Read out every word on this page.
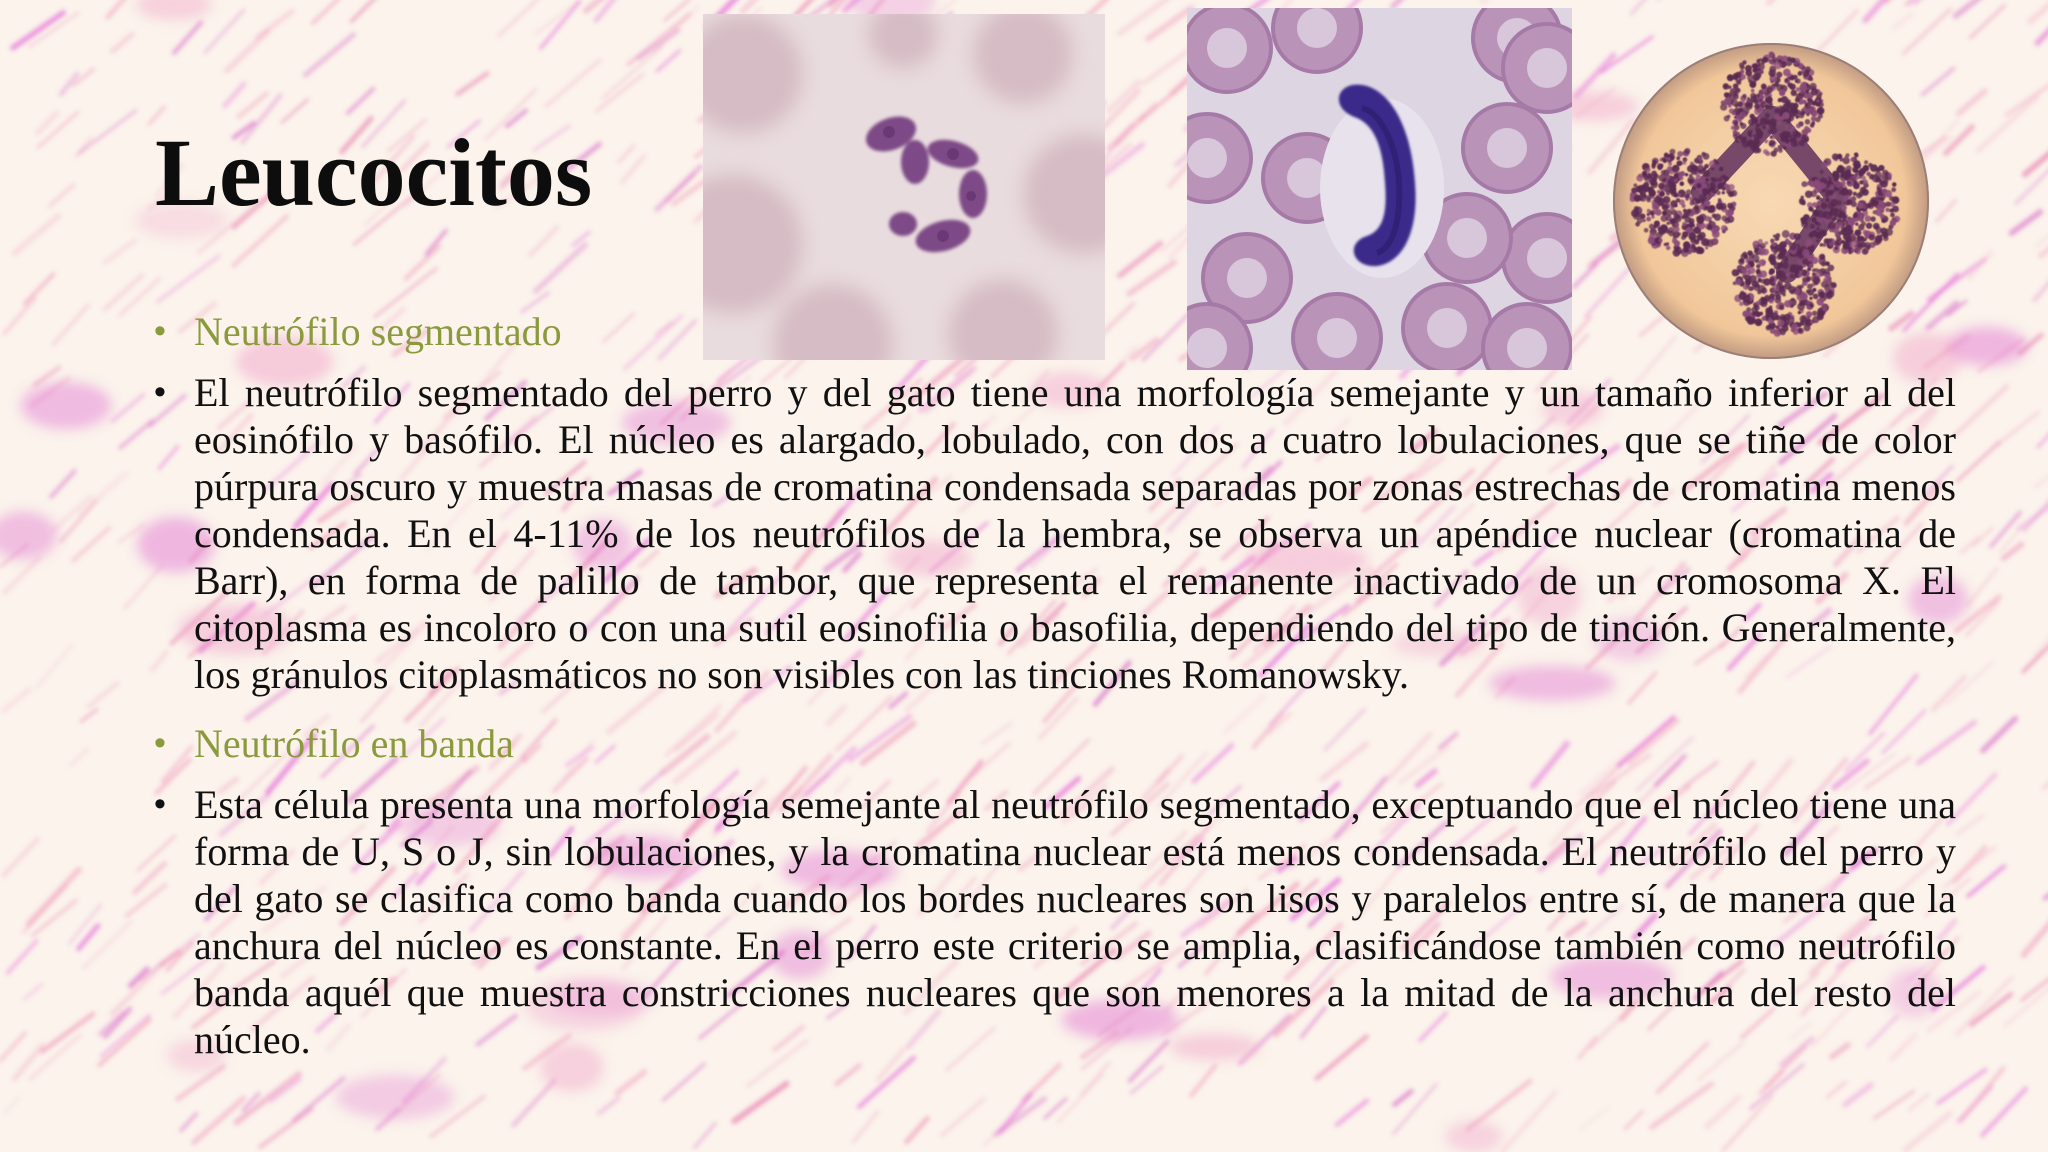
Leucocitos
• Neutrófilo segmentado
• El neutrófilo segmentado del perro y del gato tiene una morfología semejante y un tamaño inferior al del eosinófilo y basófilo. El núcleo es alargado, lobulado, con dos a cuatro lobulaciones, que se tiñe de color púrpura oscuro y muestra masas de cromatina condensada separadas por zonas estrechas de cromatina menos condensada. En el 4-11% de los neutrófilos de la hembra, se observa un apéndice nuclear (cromatina de Barr), en forma de palillo de tambor, que representa el remanente inactivado de un cromosoma X. El citoplasma es incoloro o con una sutil eosinofilia o basofilia, dependiendo del tipo de tinción. Generalmente, los gránulos citoplasmáticos no son visibles con las tinciones Romanowsky.
• Neutrófilo en banda
• Esta célula presenta una morfología semejante al neutrófilo segmentado, exceptuando que el núcleo tiene una forma de U, S o J, sin lobulaciones, y la cromatina nuclear está menos condensada. El neutrófilo del perro y del gato se clasifica como banda cuando los bordes nucleares son lisos y paralelos entre sí, de manera que la anchura del núcleo es constante. En el perro este criterio se amplia, clasificándose también como neutrófilo banda aquél que muestra constricciones nucleares que son menores a la mitad de la anchura del resto del núcleo.
